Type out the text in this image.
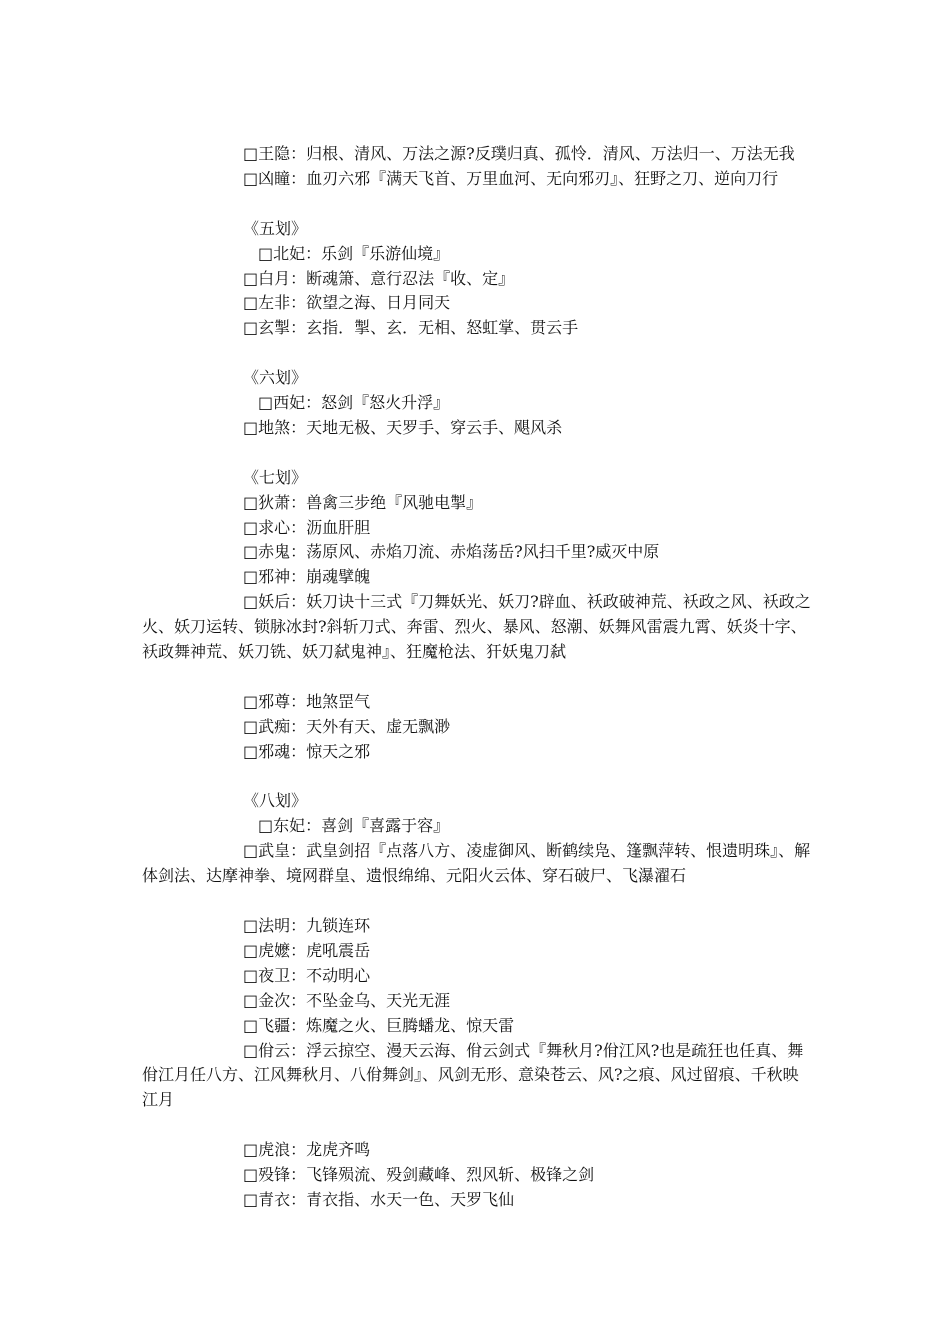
□王隐：归根、清风、万法之源?反璞归真、孤怜．清风、万法归一、万法无我
□凶瞳：血刃六邪『满天飞首、万里血河、无向邪刃』、狂野之刀、逆向刀行
《五划》
□北妃：乐剑『乐游仙境』
□白月：断魂箫、意行忍法『收、定』
□左非：欲望之海、日月同天
□玄掣：玄指．掣、玄．无相、怒虹掌、贯云手
《六划》
□西妃：怒剑『怒火升浮』
□地煞：天地无极、天罗手、穿云手、飓风杀
《七划》
□狄萧：兽禽三步绝『风驰电掣』
□求心：沥血肝胆
□赤鬼：荡原风、赤焰刀流、赤焰荡岳?风扫千里?威灭中原
□邪神：崩魂擘魄
□妖后：妖刀诀十三式『刀舞妖光、妖刀?辟血、袄政破神荒、袄政之风、袄政之火、妖刀运转、锁脉冰封?斜斩刀式、奔雷、烈火、暴风、怒潮、妖舞风雷震九霄、妖炎十字、袄政舞神荒、妖刀铣、妖刀弑鬼神』、狂魔枪法、犴妖鬼刀弑
□邪尊：地煞罡气
□武痴：天外有天、虚无飘渺
□邪魂：惊天之邪
《八划》
□东妃：喜剑『喜露于容』
□武皇：武皇剑招『点落八方、凌虚御风、断鹤续凫、篷飘萍转、恨遗明珠』、解体剑法、达摩神拳、境网群皇、遗恨绵绵、元阳火云体、穿石破尸、飞瀑濯石
□法明：九锁连环
□虎嬷：虎吼震岳
□夜卫：不动明心
□金次：不坠金乌、天光无涯
□飞疆：炼魔之火、巨腾蟠龙、惊天雷
□佾云：浮云掠空、漫天云海、佾云剑式『舞秋月?佾江风?也是疏狂也任真、舞佾江月任八方、江风舞秋月、八佾舞剑』、风剑无形、意染苍云、风?之痕、风过留痕、千秋映江月
□虎浪：龙虎齐鸣
□殁锋：飞锋殒流、殁剑藏峰、烈风斩、极锋之剑
□青衣：青衣指、水天一色、天罗飞仙
